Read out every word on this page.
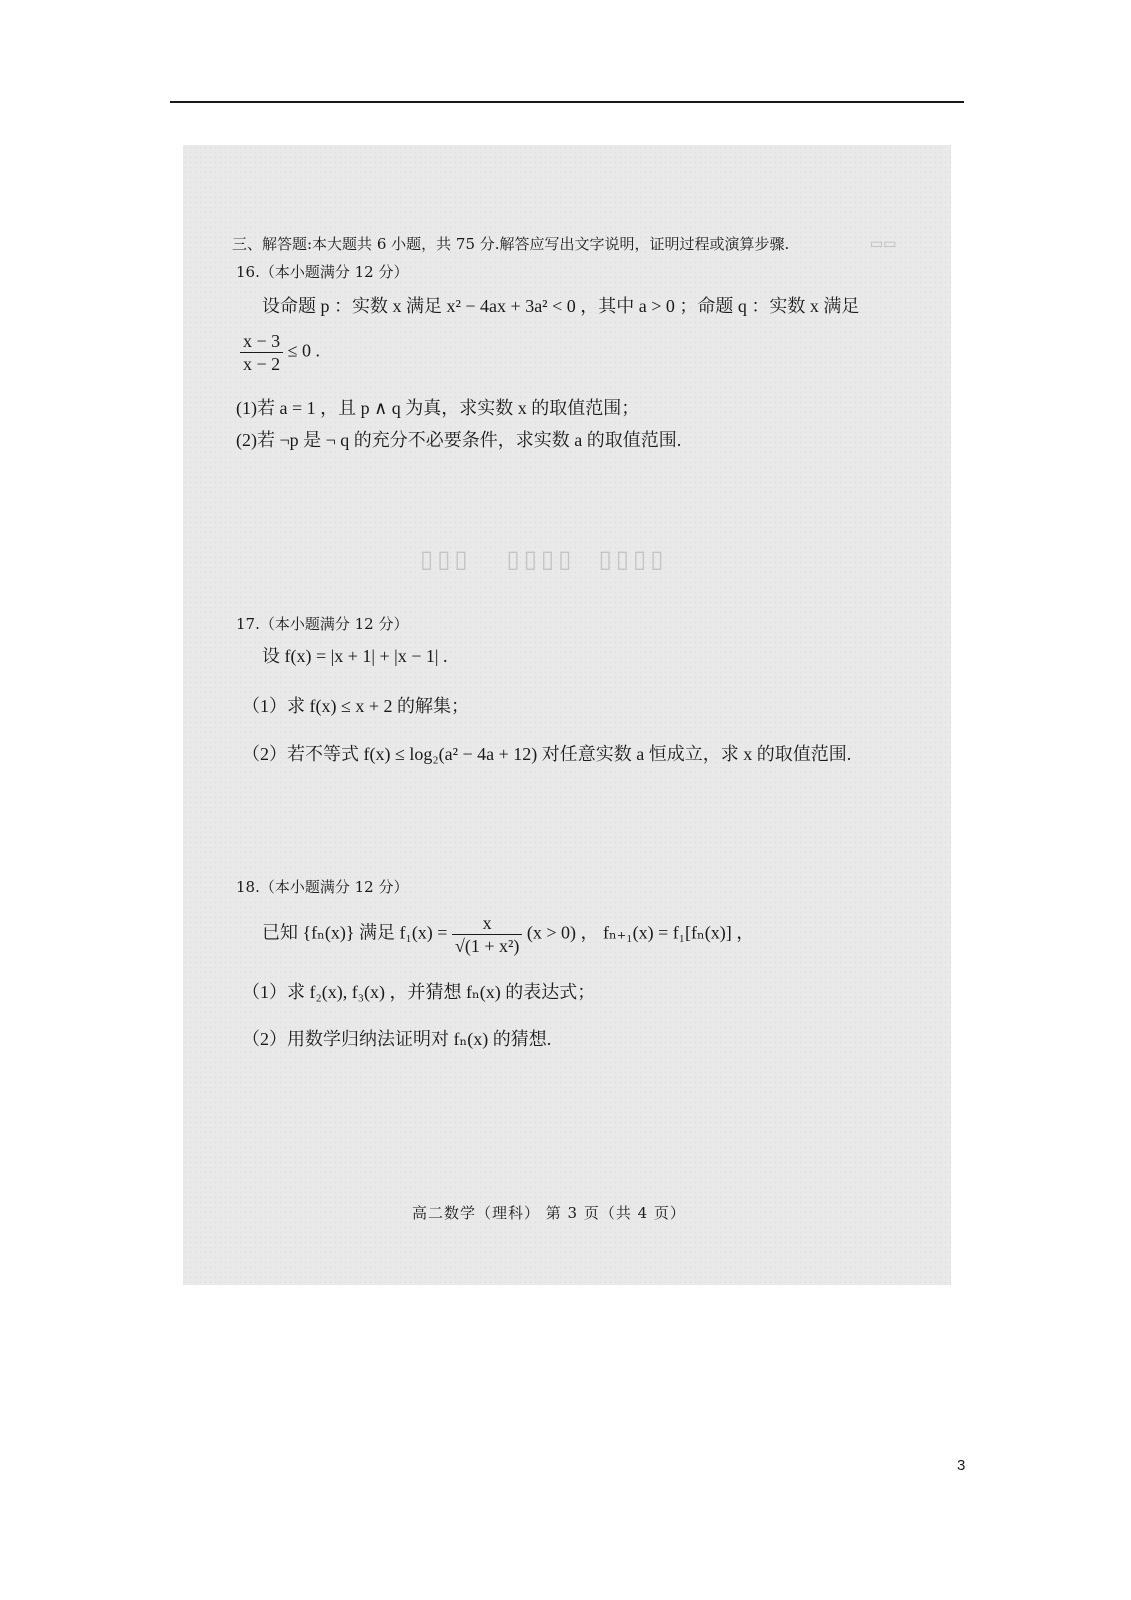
▭▭
▯▯▯   ▯▯▯▯  ▯▯▯▯
三、解答题:本大题共 6 小题，共 75 分.解答应写出文字说明，证明过程或演算步骤.
16.（本小题满分 12 分）
设命题 p ：实数 x 满足 x² − 4ax + 3a² < 0 ，其中 a > 0 ；命题 q ：实数 x 满足
$\frac{x - 3}{x - 2} \le 0$ .
(1)若 a = 1 ，且 p ∧ q 为真，求实数 x 的取值范围；
(2)若 ¬p 是 ¬ q 的充分不必要条件，求实数 a 的取值范围.
17.（本小题满分 12 分）
设 f(x) = |x + 1| + |x − 1| .
（1）求 f(x) ≤ x + 2 的解集；
（2）若不等式 f(x) ≤ log₂(a² − 4a + 12) 对任意实数 a 恒成立，求 x 的取值范围.
18.（本小题满分 12 分）
已知 {fₙ(x)} 满足 $f_1(x) = \frac{x}{\text{√(1 + x²)}} (x > 0)$ ， fₙ₊₁(x) = f₁[fₙ(x)] ，
（1）求 f₂(x), f₃(x) ，并猜想 fₙ(x) 的表达式；
（2）用数学归纳法证明对 fₙ(x) 的猜想.
高二数学（理科） 第 3 页（共 4 页）
3
